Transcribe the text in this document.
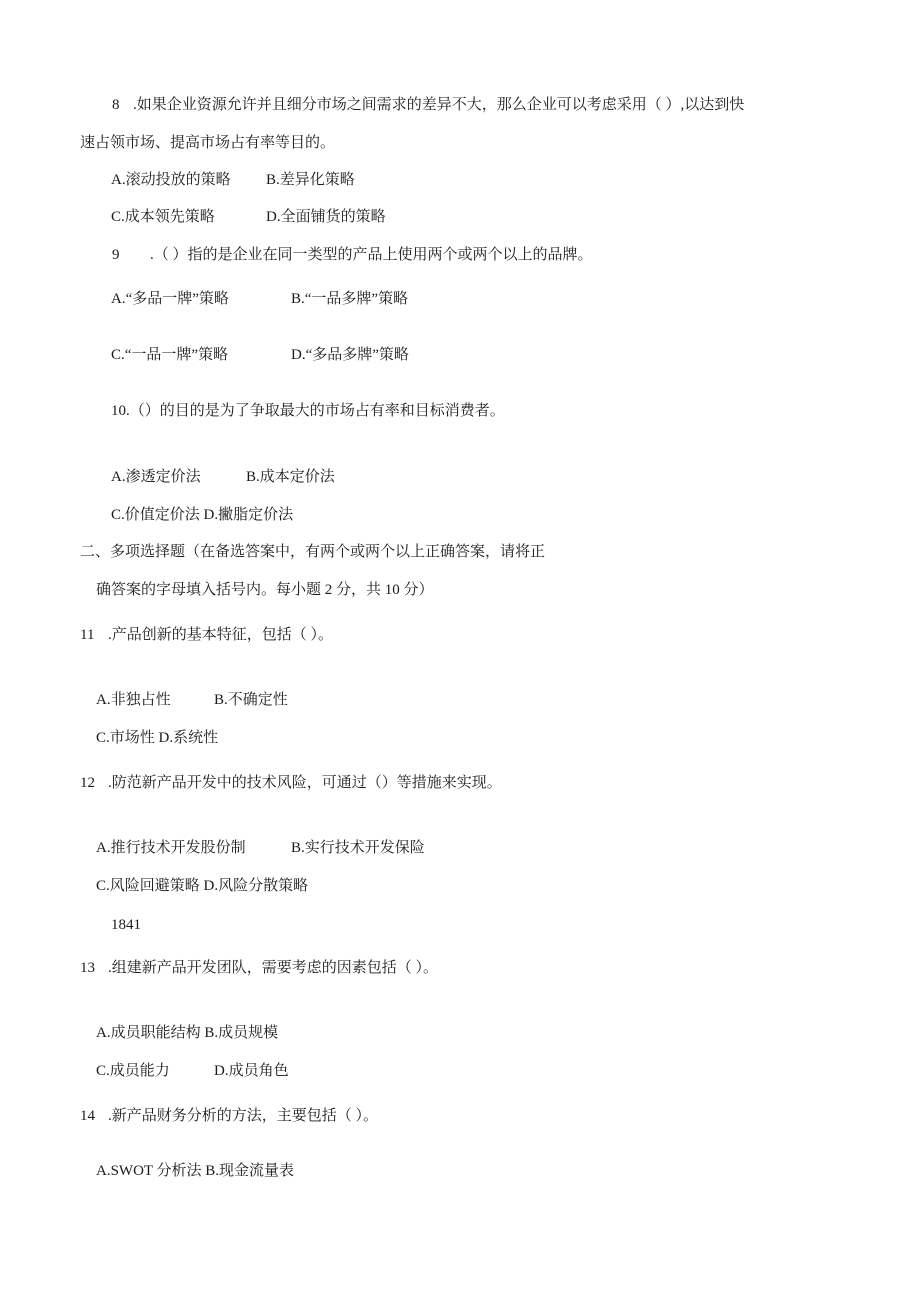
8 .如果企业资源允许并且细分市场之间需求的差异不大，那么企业可以考虑采用（ ）,以达到快

速占领市场、提高市场占有率等目的。

A.滚动投放的策略 B.差异化策略

C.成本领先策略	D.全面铺货的策略

9 .（ ）指的是企业在同一类型的产品上使用两个或两个以上的品牌。

A.“多品一牌”策略	B.“一品多牌”策略

C.“一品一牌”策略	D.“多品多牌”策略

10.（）的目的是为了争取最大的市场占有率和目标消费者。

A.渗透定价法	B.成本定价法

C.价值定价法 D.撇脂定价法

二、多项选择题（在备选答案中，有两个或两个以上正确答案，请将正

确答案的字母填入括号内。每小题 2 分，共 10 分）

11 .产品创新的基本特征，包括（ ）。

A.非独占性	B.不确定性

C.市场性 D.系统性

12 .防范新产品开发中的技术风险，可通过（）等措施来实现。

A.推行技术开发股份制	B.实行技术开发保险

C.风险回避策略 D.风险分散策略

1841

13 .组建新产品开发团队，需要考虑的因素包括（ ）。

A.成员职能结构 B.成员规模

C.成员能力	D.成员角色

14 .新产品财务分析的方法，主要包括（ ）。

A.SWOT 分析法 B.现金流量表
